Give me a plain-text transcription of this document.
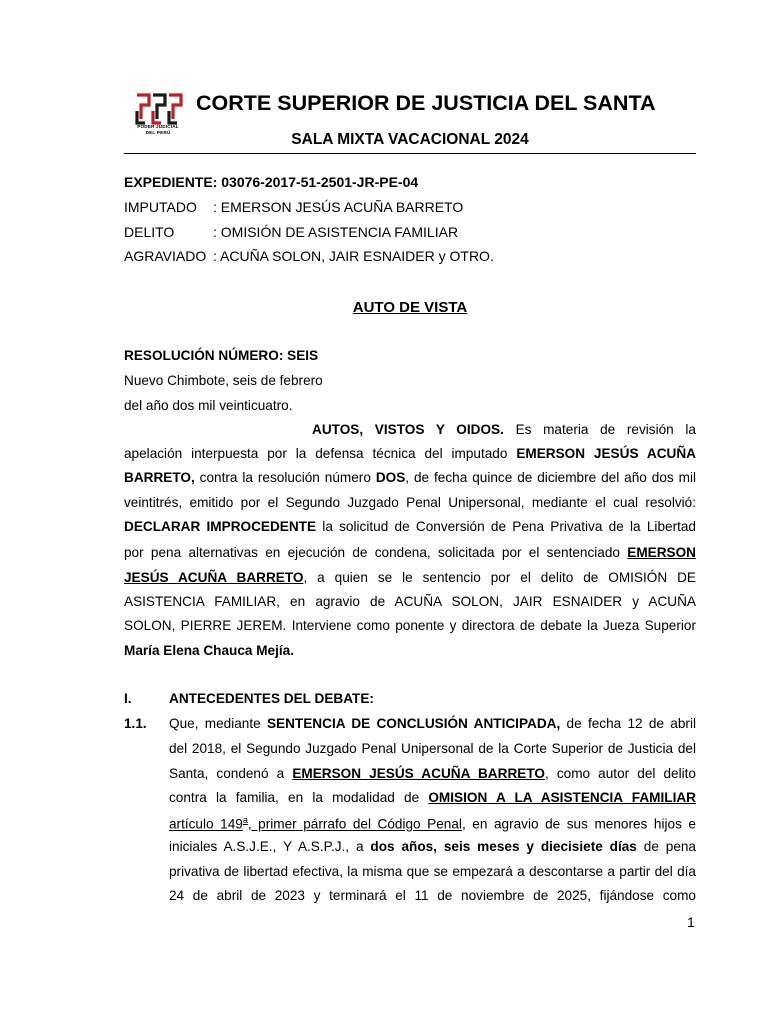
PODER JUDICIAL
DEL PERÚ
CORTE SUPERIOR DE JUSTICIA DEL SANTA
SALA MIXTA VACACIONAL 2024
EXPEDIENTE: 03076-2017-51-2501-JR-PE-04
IMPUTADO : EMERSON JESÚS ACUÑA BARRETO
DELITO	: OMISIÓN DE ASISTENCIA FAMILIAR
AGRAVIADO : ACUÑA SOLON, JAIR ESNAIDER y OTRO.
AUTO DE VISTA
RESOLUCIÓN NÚMERO: SEIS
Nuevo Chimbote, seis de febrero
del año dos mil veinticuatro.
AUTOS, VISTOS Y OIDOS. Es materia de revisión la
apelación interpuesta por la defensa técnica del imputado EMERSON JESÚS ACUÑA
BARRETO, contra la resolución número DOS, de fecha quince de diciembre del año dos mil
veintitrés, emitido por el Segundo Juzgado Penal Unipersonal, mediante el cual resolvió:
DECLARAR IMPROCEDENTE la solicitud de Conversión de Pena Privativa de la Libertad
por pena alternativas en ejecución de condena, solicitada por el sentenciado EMERSON
JESÚS ACUÑA BARRETO, a quien se le sentencio por el delito de OMISIÓN DE
ASISTENCIA FAMILIAR, en agravio de ACUÑA SOLON, JAIR ESNAIDER y ACUÑA
SOLON, PIERRE JEREM. Interviene como ponente y directora de debate la Jueza Superior
María Elena Chauca Mejía.
I.	ANTECEDENTES DEL DEBATE:
1.1. Que, mediante SENTENCIA DE CONCLUSIÓN ANTICIPADA, de fecha 12 de abril
del 2018, el Segundo Juzgado Penal Unipersonal de la Corte Superior de Justicia del
Santa, condenó a EMERSON JESÚS ACUÑA BARRETO, como autor del delito
contra la familia, en la modalidad de OMISION A LA ASISTENCIA FAMILIAR
artículo 149$^a$, primer párrafo del Código Penal, en agravio de sus menores hijos e
iniciales A.S.J.E., Y A.S.P.J., a dos años, seis meses y diecisiete días de pena
privativa de libertad efectiva, la misma que se empezará a descontarse a partir del día
24 de abril de 2023 y terminará el 11 de noviembre de 2025, fijándose como
1
